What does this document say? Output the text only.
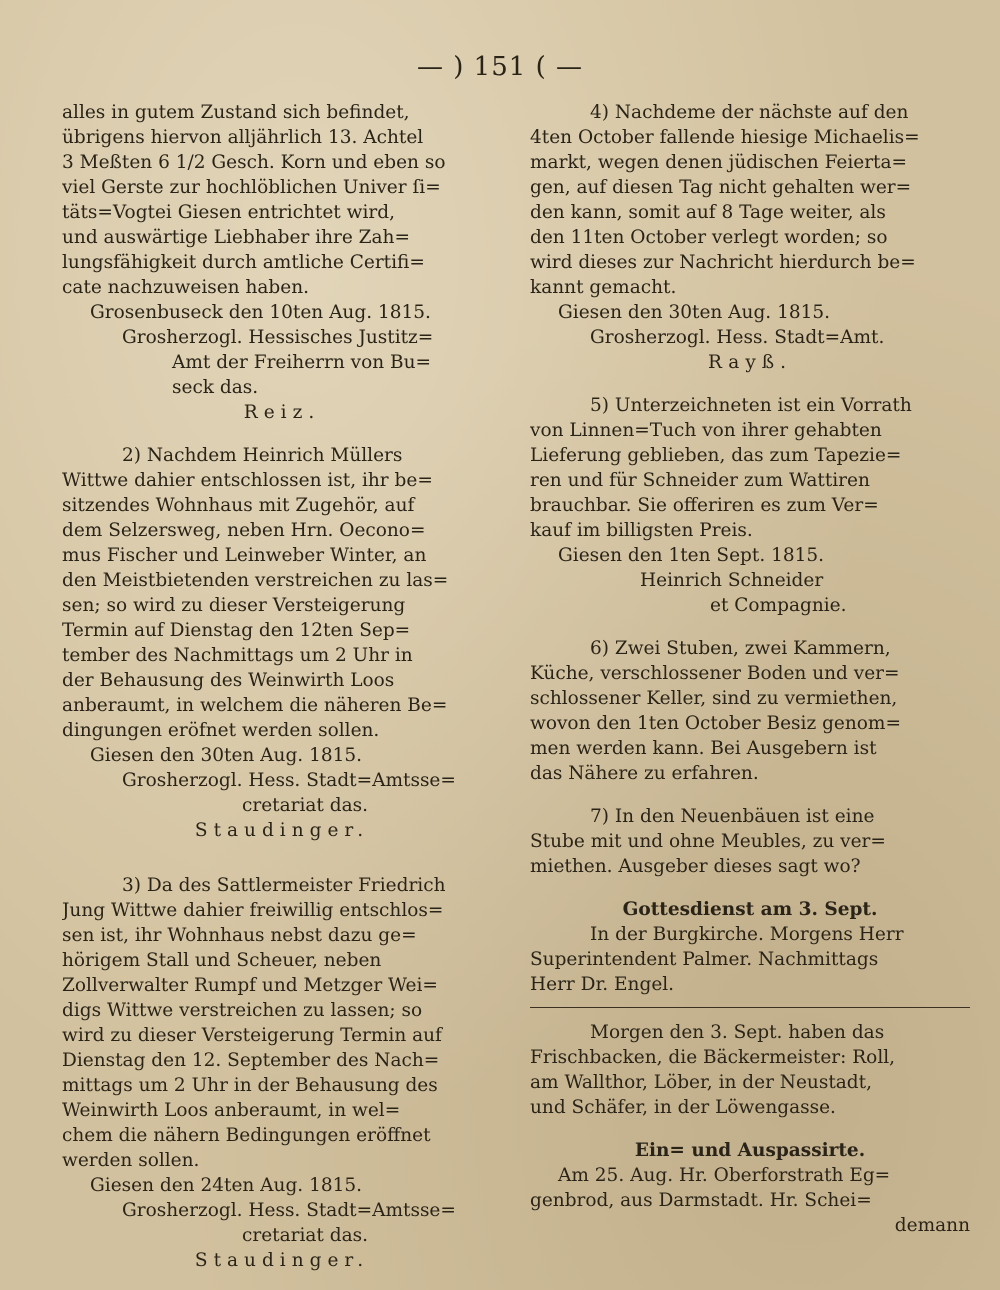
— ) 151 ( —
alles in gutem Zustand sich befindet,
übrigens hiervon alljährlich 13. Achtel
3 Meßten 6 1/2 Gesch. Korn und eben so
viel Gerste zur hochlöblichen Univer ſi=
täts=Vogtei Giesen entrichtet wird,
und auswärtige Liebhaber ihre Zah=
lungsfähigkeit durch amtliche Certifi=
cate nachzuweisen haben.
Grosenbuseck den 10ten Aug. 1815.
Grosherzogl. Hessisches Justitz=
Amt der Freiherrn von Bu=
seck das.
Reiz.
2) Nachdem Heinrich Müllers
Wittwe dahier entschlossen ist, ihr be=
sitzendes Wohnhaus mit Zugehör, auf
dem Selzersweg, neben Hrn. Oecono=
mus Fischer und Leinweber Winter, an
den Meistbietenden verstreichen zu las=
sen; so wird zu dieser Versteigerung
Termin auf Dienstag den 12ten Sep=
tember des Nachmittags um 2 Uhr in
der Behausung des Weinwirth Loos
anberaumt, in welchem die näheren Be=
dingungen eröfnet werden sollen.
Giesen den 30ten Aug. 1815.
Grosherzogl. Hess. Stadt=Amtsse=
cretariat das.
Staudinger.
3) Da des Sattlermeister Friedrich
Jung Wittwe dahier freiwillig entschlos=
sen ist, ihr Wohnhaus nebst dazu ge=
hörigem Stall und Scheuer, neben
Zollverwalter Rumpf und Metzger Wei=
digs Wittwe verstreichen zu lassen; so
wird zu dieser Versteigerung Termin auf
Dienstag den 12. September des Nach=
mittags um 2 Uhr in der Behausung des
Weinwirth Loos anberaumt, in wel=
chem die nähern Bedingungen eröffnet
werden sollen.
Giesen den 24ten Aug. 1815.
Grosherzogl. Hess. Stadt=Amtsse=
cretariat das.
Staudinger.
4) Nachdeme der nächste auf den
4ten October fallende hiesige Michaelis=
markt, wegen denen jüdischen Feierta=
gen, auf diesen Tag nicht gehalten wer=
den kann, somit auf 8 Tage weiter, als
den 11ten October verlegt worden; so
wird dieses zur Nachricht hierdurch be=
kannt gemacht.
Giesen den 30ten Aug. 1815.
Grosherzogl. Hess. Stadt=Amt.
Rayß.
5) Unterzeichneten ist ein Vorrath
von Linnen=Tuch von ihrer gehabten
Lieferung geblieben, das zum Tapezie=
ren und für Schneider zum Wattiren
brauchbar. Sie offeriren es zum Ver=
kauf im billigsten Preis.
Giesen den 1ten Sept. 1815.
Heinrich Schneider
et Compagnie.
6) Zwei Stuben, zwei Kammern,
Küche, verschlossener Boden und ver=
schlossener Keller, sind zu vermiethen,
wovon den 1ten October Besiz genom=
men werden kann. Bei Ausgebern ist
das Nähere zu erfahren.
7) In den Neuenbäuen ist eine
Stube mit und ohne Meubles, zu ver=
miethen. Ausgeber dieses sagt wo?
Gottesdienst am 3. Sept.
In der Burgkirche. Morgens Herr
Superintendent Palmer. Nachmittags
Herr Dr. Engel.
Morgen den 3. Sept. haben das
Frischbacken, die Bäckermeister: Roll,
am Wallthor, Löber, in der Neustadt,
und Schäfer, in der Löwengasse.
Ein= und Auspassirte.
Am 25. Aug. Hr. Oberforstrath Eg=
genbrod, aus Darmstadt. Hr. Schei=
demann
